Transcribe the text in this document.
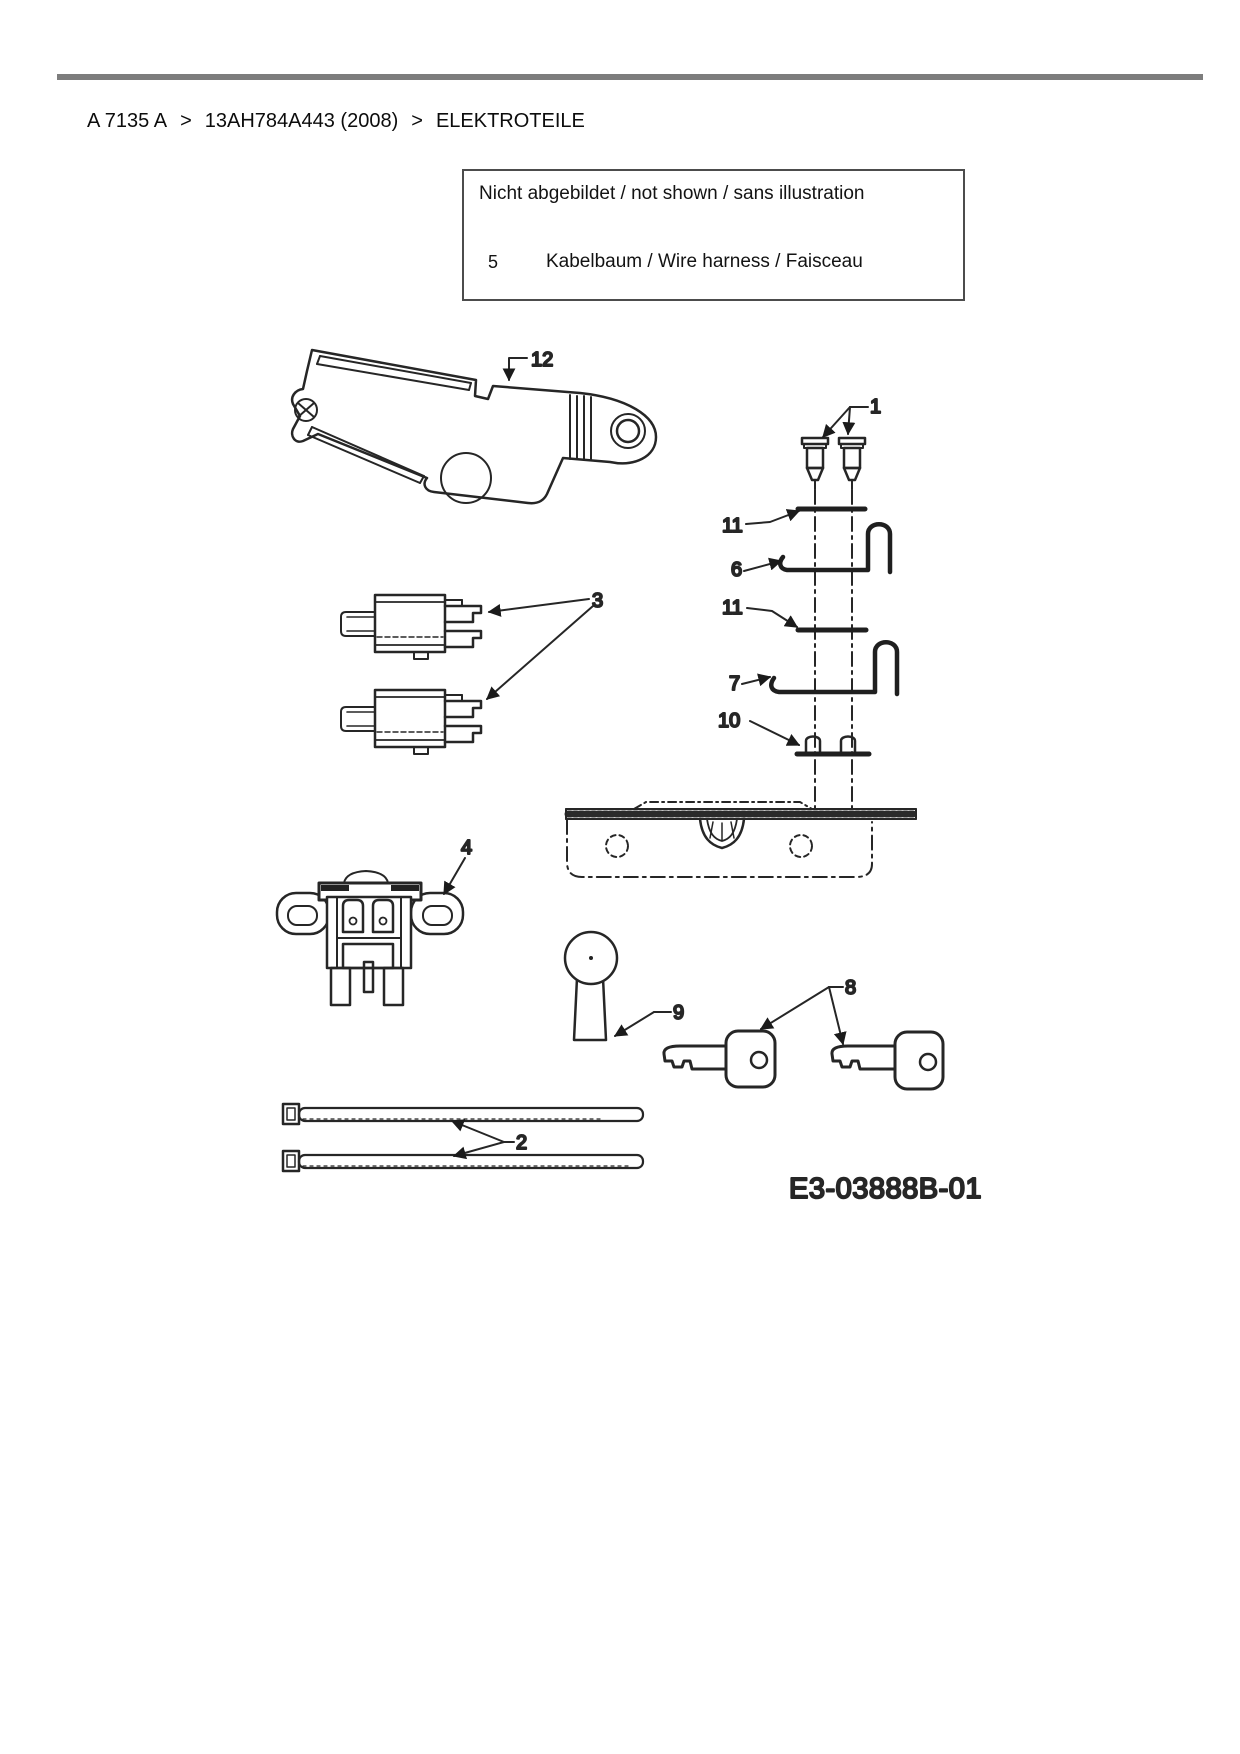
A 7135 A > 13AH784A443 (2008) > ELEKTROTEILE
Nicht abgebildet / not shown / sans illustration
5	Kabelbaum / Wire harness / Faisceau
12
1
11
6
11
7
10
3
4
9
8
2
E3-03888B-01
